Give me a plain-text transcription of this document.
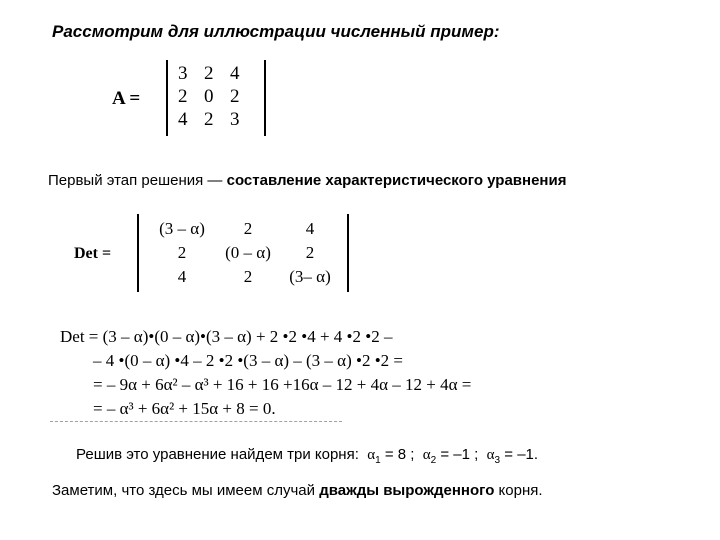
Рассмотрим для иллюстрации численный пример:
A =
3	2	4
2	0	2
4	2	3
Первый этап решения — составление характеристического уравнения
Det =
(3 – α)	2	4
2	(0 – α)	2
4	2	(3– α)
Det = (3 – α)•(0 – α)•(3 – α) + 2 •2 •4 + 4 •2 •2 –
– 4 •(0 – α) •4 – 2 •2 •(3 – α) – (3 – α) •2 •2 =
= – 9α + 6α² – α³ + 16 + 16 +16α – 12 + 4α – 12 + 4α =
= – α³ + 6α² + 15α + 8 = 0.
Решив это уравнение найдем три корня: $\alpha_1 = 8$ ; $\alpha_2 = -1$ ; $\alpha_3 = -1$.
Заметим, что здесь мы имеем случай дважды вырожденного корня.
